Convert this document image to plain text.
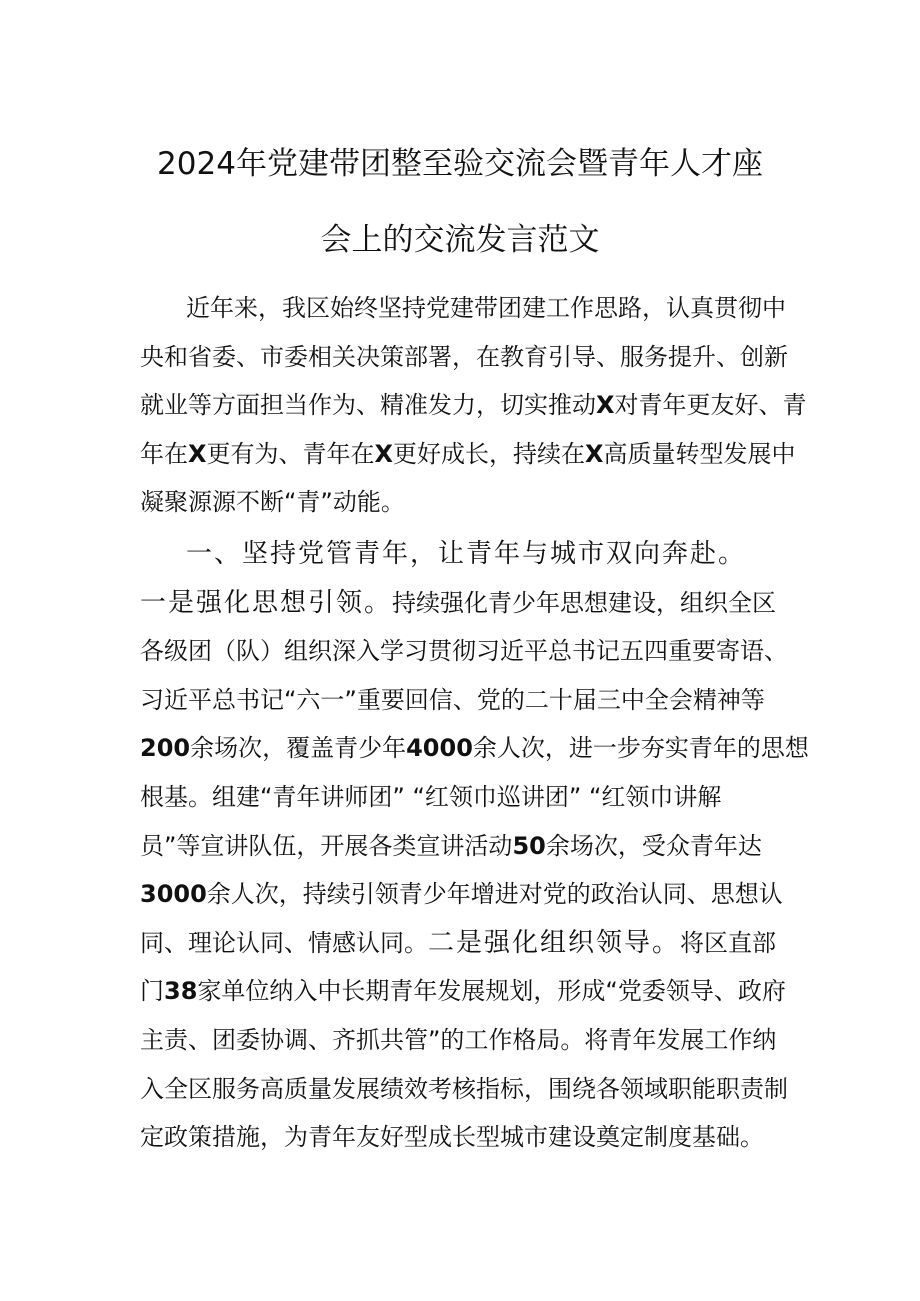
2024年党建带团整至验交流会暨青年人才座
会上的交流发言范文
近年来，我区始终坚持党建带团建工作思路，认真贯彻中
央和省委、市委相关决策部署，在教育引导、服务提升、创新
就业等方面担当作为、精准发力，切实推动X对青年更友好、青
年在X更有为、青年在X更好成长，持续在X高质量转型发展中
凝聚源源不断“青”动能。
一、坚持党管青年，让青年与城市双向奔赴。
一是强化思想引领。持续强化青少年思想建设，组织全区
各级团（队）组织深入学习贯彻习近平总书记五四重要寄语、
习近平总书记“六一”重要回信、党的二十届三中全会精神等
200余场次，覆盖青少年4000余人次，进一步夯实青年的思想
根基。组建“青年讲师团” “红领巾巡讲团” “红领巾讲解
员”等宣讲队伍，开展各类宣讲活动50余场次，受众青年达
3000余人次，持续引领青少年增进对党的政治认同、思想认
同、理论认同、情感认同。二是强化组织领导。将区直部
门38家单位纳入中长期青年发展规划，形成“党委领导、政府
主责、团委协调、齐抓共管”的工作格局。将青年发展工作纳
入全区服务高质量发展绩效考核指标，围绕各领域职能职责制
定政策措施，为青年友好型成长型城市建设奠定制度基础。
